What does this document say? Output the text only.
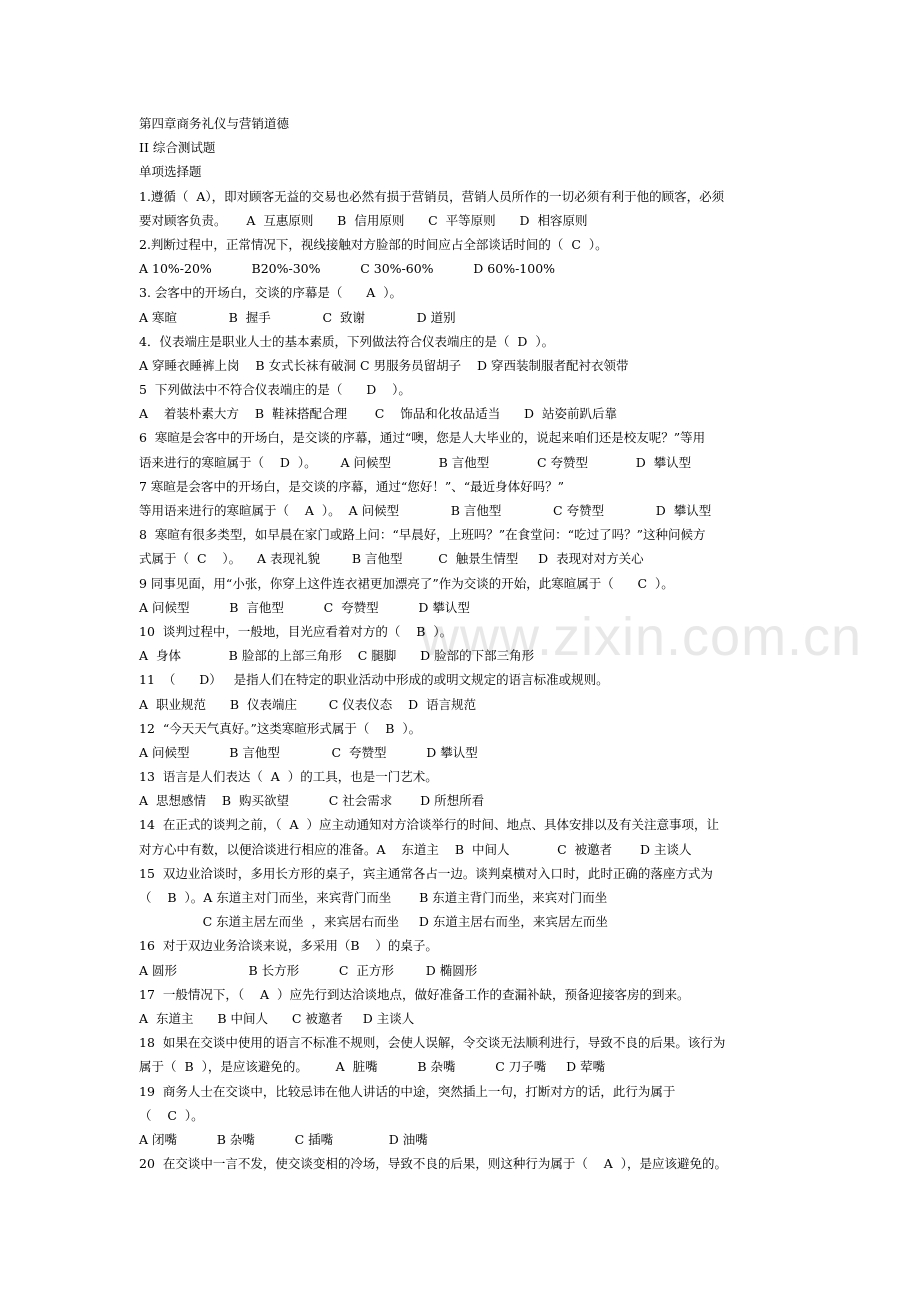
www.zixin.com.cn
第四章商务礼仪与营销道德
II 综合测试题
单项选择题
1.遵循（  A），即对顾客无益的交易也必然有损于营销员，营销人员所作的一切必须有利于他的顾客，必须
要对顾客负责。     A  互惠原则      B  信用原则      C  平等原则      D  相容原则
2.判断过程中，正常情况下，视线接触对方脸部的时间应占全部谈话时间的（  C  ）。
A 10%-20%          B20%-30%          C 30%-60%          D 60%-100%
3. 会客中的开场白，交谈的序幕是（      A  ）。
A 寒暄             B  握手             C  致谢             D 道别
4．仪表端庄是职业人士的基本素质，下列做法符合仪表端庄的是（  D  ）。
A 穿睡衣睡裤上岗    B 女式长袜有破洞 C 男服务员留胡子    D 穿西装制服者配衬衣领带
5  下列做法中不符合仪表端庄的是（      D    ）。
A    着装朴素大方    B  鞋袜搭配合理       C    饰品和化妆品适当      D  站姿前趴后靠
6  寒暄是会客中的开场白，是交谈的序幕，通过“噢，您是人大毕业的，说起来咱们还是校友呢？”等用
语来进行的寒暄属于（    D  ）。      A 问候型            B 言他型            C 夸赞型            D  攀认型
7 寒暄是会客中的开场白，是交谈的序幕，通过“您好！”、“最近身体好吗？”
等用语来进行的寒暄属于（    A  ）。  A 问候型             B 言他型             C 夸赞型             D  攀认型
8  寒暄有很多类型，如早晨在家门或路上问：“早晨好，上班吗？”在食堂问：“吃过了吗？”这种问候方
式属于（  C    ）。    A 表现礼貌        B 言他型         C  触景生情型     D  表现对对方关心
9 同事见面，用“小张，你穿上这件连衣裙更加漂亮了”作为交谈的开始，此寒暄属于（      C  ）。
A 问候型          B  言他型          C  夸赞型          D 攀认型
10  谈判过程中，一般地，目光应看着对方的（    B  ）。
A  身体            B 脸部的上部三角形    C 腿脚      D 脸部的下部三角形
11  （      D）   是指人们在特定的职业活动中形成的或明文规定的语言标准或规则。
A  职业规范      B  仪表端庄        C 仪表仪态    D  语言规范
12  “今天天气真好。”这类寒暄形式属于（    B  ）。
A 问候型          B 言他型             C  夸赞型          D 攀认型
13  语言是人们表达（  A  ）的工具，也是一门艺术。
A  思想感情    B  购买欲望          C 社会需求       D 所想所看
14  在正式的谈判之前，（  A  ）应主动通知对方洽谈举行的时间、地点、具体安排以及有关注意事项，让
对方心中有数，以便洽谈进行相应的准备。A    东道主    B  中间人            C  被邀者       D 主谈人
15  双边业洽谈时，多用长方形的桌子，宾主通常各占一边。谈判桌横对入口时，此时正确的落座方式为
（    B  ）。A 东道主对门而坐，来宾背门而坐       B 东道主背门而坐，来宾对门而坐
C 东道主居左而坐  ，来宾居右而坐     D 东道主居右而坐，来宾居左而坐
16  对于双边业务洽谈来说，多采用（B    ）的桌子。
A 圆形                  B 长方形          C  正方形        D 椭圆形
17  一般情况下，（    A  ）应先行到达洽谈地点，做好准备工作的查漏补缺，预备迎接客房的到来。
A  东道主      B 中间人      C 被邀者     D 主谈人
18  如果在交谈中使用的语言不标准不规则，会使人误解，令交谈无法顺利进行，导致不良的后果。该行为
属于（  B  ），是应该避免的。       A  脏嘴          B 杂嘴          C 刀子嘴     D 荤嘴
19  商务人士在交谈中，比较忌讳在他人讲话的中途，突然插上一句，打断对方的话，此行为属于
（    C  ）。
A 闭嘴          B 杂嘴          C 插嘴              D 油嘴
20  在交谈中一言不发，使交谈变相的冷场，导致不良的后果，则这种行为属于（    A  ），是应该避免的。
